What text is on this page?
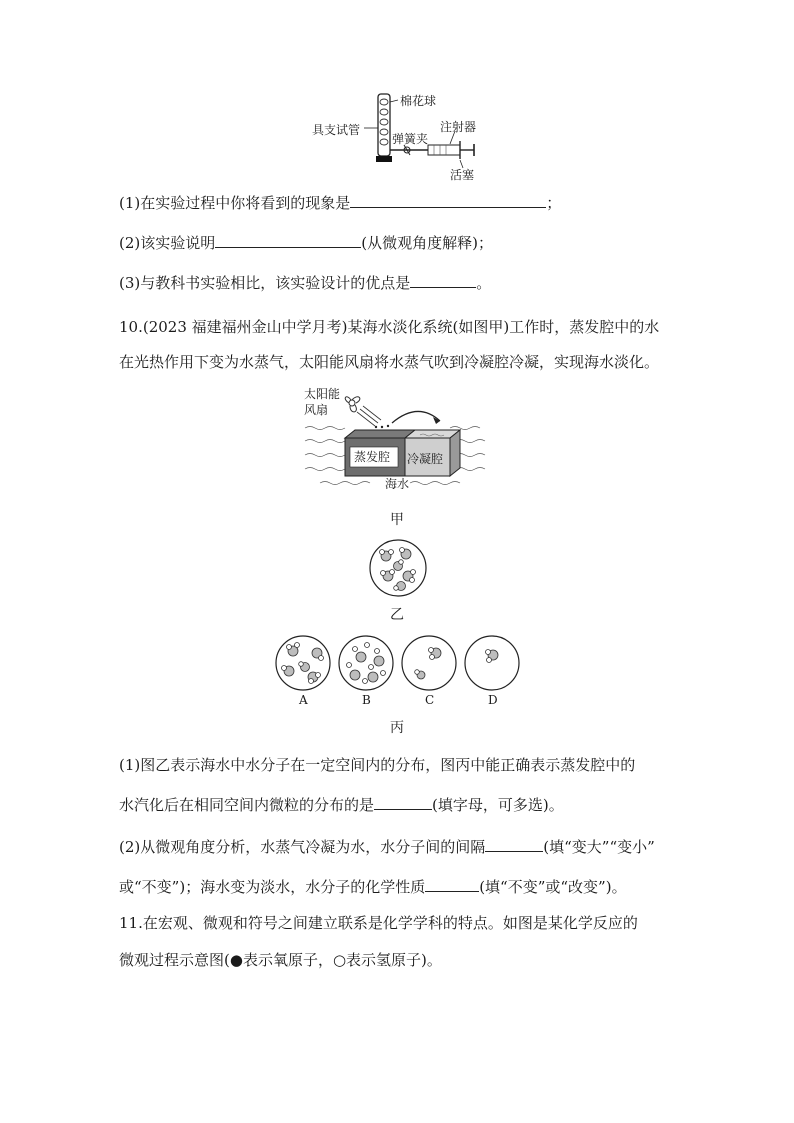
棉花球
具支试管
弹簧夹
注射器
活塞
(1)在实验过程中你将看到的现象是	；
(2)该实验说明	(从微观角度解释)；
(3)与教科书实验相比，该实验设计的优点是	。
10.(2023 福建福州金山中学月考)某海水淡化系统(如图甲)工作时，蒸发腔中的水
在光热作用下变为水蒸气，太阳能风扇将水蒸气吹到冷凝腔冷凝，实现海水淡化。
太阳能
风扇
蒸发腔 冷凝腔
海水
甲
乙
A	B	C	D
丙
(1)图乙表示海水中水分子在一定空间内的分布，图丙中能正确表示蒸发腔中的
水汽化后在相同空间内微粒的分布的是	(填字母，可多选)。
(2)从微观角度分析，水蒸气冷凝为水，水分子间的间隔	(填“变大”“变小”
或“不变”)；海水变为淡水，水分子的化学性质	(填“不变”或“改变”)。
11.在宏观、微观和符号之间建立联系是化学学科的特点。如图是某化学反应的
微观过程示意图(●表示氧原子，○表示氢原子)。
